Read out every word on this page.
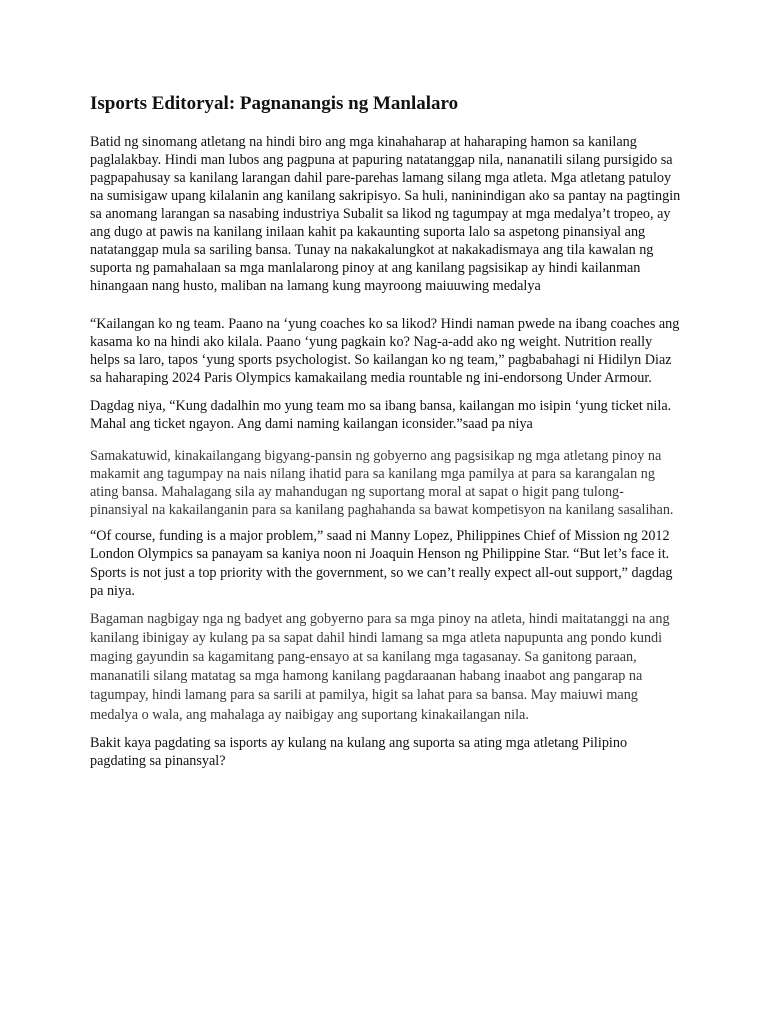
Isports Editoryal: Pagnanangis ng Manlalaro

Batid ng sinomang atletang na hindi biro ang mga kinahaharap at haharaping hamon sa kanilang paglalakbay. Hindi man lubos ang pagpuna at papuring natatanggap nila, nananatili silang pursigido sa pagpapahusay sa kanilang larangan dahil pare-parehas lamang silang mga atleta. Mga atletang patuloy na sumisigaw upang kilalanin ang kanilang sakripisyo. Sa huli, naninindigan ako sa pantay na pagtingin sa anomang larangan sa nasabing industriya Subalit sa likod ng tagumpay at mga medalya’t tropeo, ay ang dugo at pawis na kanilang inilaan kahit pa kakaunting suporta lalo sa aspetong pinansiyal ang natatanggap mula sa sariling bansa. Tunay na nakakalungkot at nakakadismaya ang tila kawalan ng suporta ng pamahalaan sa mga manlalarong pinoy at ang kanilang pagsisikap ay hindi kailanman hinangaan nang husto, maliban na lamang kung mayroong maiuuwing medalya

“Kailangan ko ng team. Paano na ‘yung coaches ko sa likod? Hindi naman pwede na ibang coaches ang kasama ko na hindi ako kilala. Paano ‘yung pagkain ko? Nag-a-add ako ng weight. Nutrition really helps sa laro, tapos ‘yung sports psychologist. So kailangan ko ng team,” pagbabahagi ni Hidilyn Diaz sa haharaping 2024 Paris Olympics kamakailang media rountable ng ini-endorsong Under Armour.

Dagdag niya, “Kung dadalhin mo yung team mo sa ibang bansa, kailangan mo isipin ‘yung ticket nila. Mahal ang ticket ngayon. Ang dami naming kailangan iconsider.”saad pa niya

Samakatuwid, kinakailangang bigyang-pansin ng gobyerno ang pagsisikap ng mga atletang pinoy na makamit ang tagumpay na nais nilang ihatid para sa kanilang mga pamilya at para sa karangalan ng ating bansa. Mahalagang sila ay mahandugan ng suportang moral at sapat o higit pang tulong-pinansiyal na kakailanganin para sa kanilang paghahanda sa bawat kompetisyon na kanilang sasalihan.

“Of course, funding is a major problem,” saad ni Manny Lopez, Philippines Chief of Mission ng 2012 London Olympics sa panayam sa kaniya noon ni Joaquin Henson ng Philippine Star. “But let’s face it. Sports is not just a top priority with the government, so we can’t really expect all-out support,” dagdag pa niya.

Bagaman nagbigay nga ng badyet ang gobyerno para sa mga pinoy na atleta, hindi maitatanggi na ang kanilang ibinigay ay kulang pa sa sapat dahil hindi lamang sa mga atleta napupunta ang pondo kundi maging gayundin sa kagamitang pang-ensayo at sa kanilang mga tagasanay. Sa ganitong paraan, mananatili silang matatag sa mga hamong kanilang pagdaraanan habang inaabot ang pangarap na tagumpay, hindi lamang para sa sarili at pamilya, higit sa lahat para sa bansa. May maiuwi mang medalya o wala, ang mahalaga ay naibigay ang suportang kinakailangan nila.

Bakit kaya pagdating sa isports ay kulang na kulang ang suporta sa ating mga atletang Pilipino pagdating sa pinansyal?
